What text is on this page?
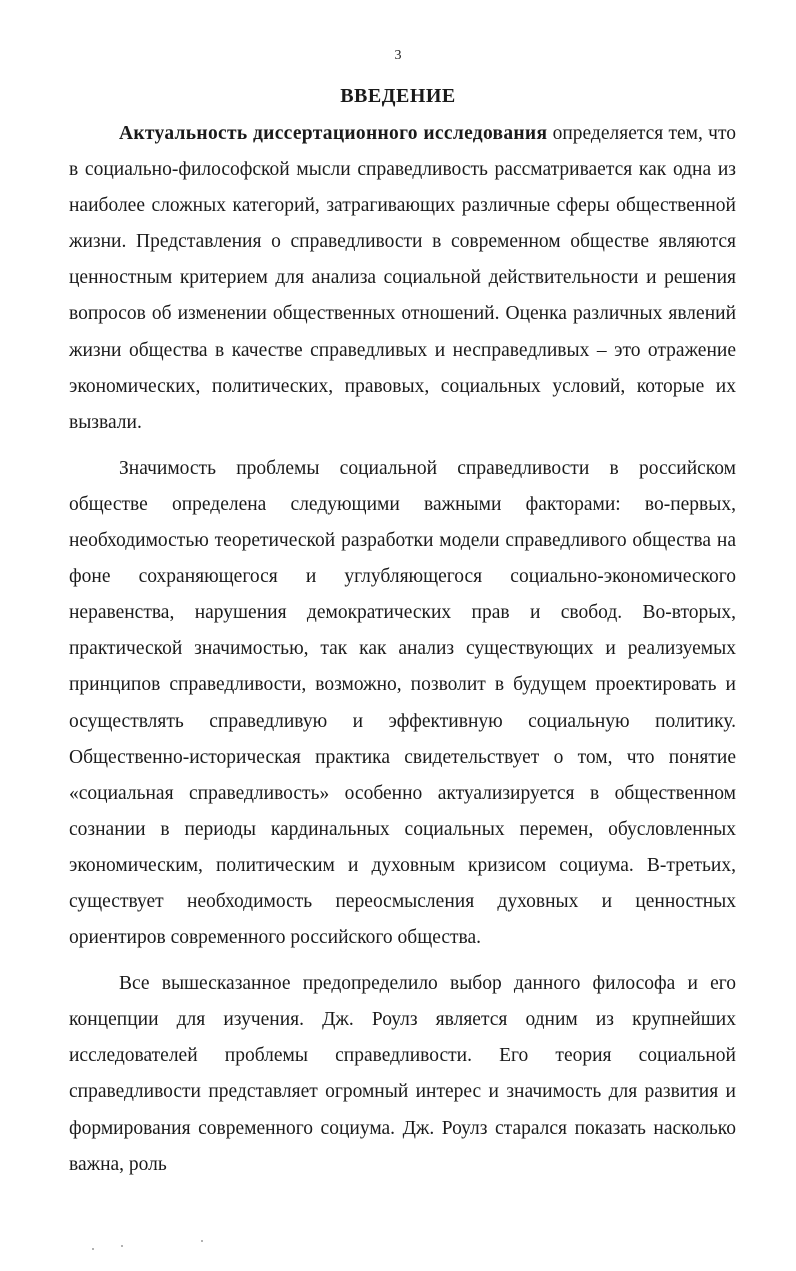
3
ВВЕДЕНИЕ

Актуальность диссертационного исследования определяется тем, что в социально-философской мысли справедливость рассматривается как одна из наиболее сложных категорий, затрагивающих различные сферы общественной жизни. Представления о справедливости в современном обществе являются ценностным критерием для анализа социальной действительности и решения вопросов об изменении общественных отношений. Оценка различных явлений жизни общества в качестве справедливых и несправедливых – это отражение экономических, политических, правовых, социальных условий, которые их вызвали.

Значимость проблемы социальной справедливости в российском обществе определена следующими важными факторами: во-первых, необходимостью теоретической разработки модели справедливого общества на фоне сохраняющегося и углубляющегося социально-экономического неравенства, нарушения демократических прав и свобод. Во-вторых, практической значимостью, так как анализ существующих и реализуемых принципов справедливости, возможно, позволит в будущем проектировать и осуществлять справедливую и эффективную социальную политику. Общественно-историческая практика свидетельствует о том, что понятие «социальная справедливость» особенно актуализируется в общественном сознании в периоды кардинальных социальных перемен, обусловленных экономическим, политическим и духовным кризисом социума. В-третьих, существует необходимость переосмысления духовных и ценностных ориентиров современного российского общества.

Все вышесказанное предопределило выбор данного философа и его концепции для изучения. Дж. Роулз является одним из крупнейших исследователей проблемы справедливости. Его теория социальной справедливости представляет огромный интерес и значимость для развития и формирования современного социума. Дж. Роулз старался показать насколько важна, роль
